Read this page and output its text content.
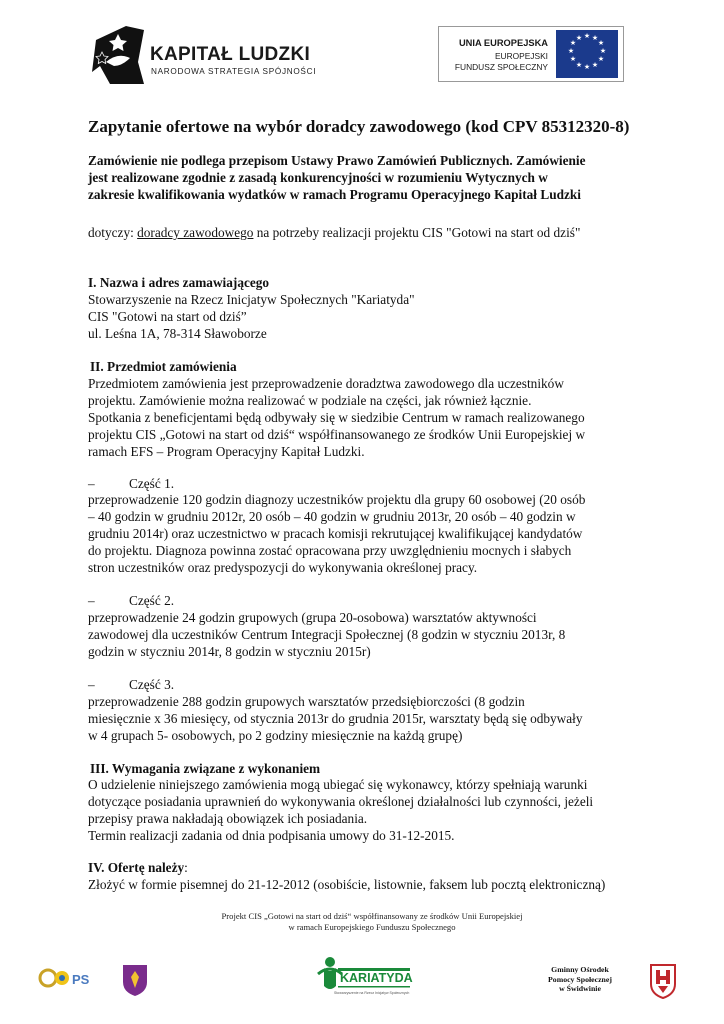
KAPITAŁ LUDZKI
NARODOWA STRATEGIA SPÓJNOŚCI
★ ★
★
★
★
★
★
★
★
★
★
★
UNIA EUROPEJSKA
EUROPEJSKI
FUNDUSZ SPOŁECZNY
Zapytanie ofertowe na wybór doradcy zawodowego (kod CPV 85312320-8)
Zamówienie nie podlega przepisom Ustawy Prawo Zamówień Publicznych. Zamówienie
jest realizowane zgodnie z zasadą konkurencyjności w rozumieniu Wytycznych w
zakresie kwalifikowania wydatków w ramach Programu Operacyjnego Kapitał Ludzki
dotyczy: doradcy zawodowego na potrzeby realizacji projektu CIS "Gotowi na start od dziś"
I. Nazwa i adres zamawiającego
Stowarzyszenie na Rzecz Inicjatyw Społecznych "Kariatyda"
CIS "Gotowi na start od dziś”
ul. Leśna 1A, 78-314 Sławoborze
II. Przedmiot zamówienia
Przedmiotem zamówienia jest przeprowadzenie doradztwa zawodowego dla uczestników
projektu. Zamówienie można realizować w podziale na części, jak również łącznie.
Spotkania z beneficjentami będą odbywały się w siedzibie Centrum w ramach realizowanego
projektu CIS „Gotowi na start od dziś“ współfinansowanego ze środków Unii Europejskiej w
ramach EFS – Program Operacyjny Kapitał Ludzki.
–	Część 1.
przeprowadzenie 120 godzin diagnozy uczestników projektu dla grupy 60 osobowej (20 osób
– 40 godzin w grudniu 2012r, 20 osób – 40 godzin w grudniu 2013r, 20 osób – 40 godzin w
grudniu 2014r) oraz uczestnictwo w pracach komisji rekrutującej kwalifikującej kandydatów
do projektu. Diagnoza powinna zostać opracowana przy uwzględnieniu mocnych i słabych
stron uczestników oraz predyspozycji do wykonywania określonej pracy.
–	Część 2.
przeprowadzenie 24 godzin grupowych (grupa 20-osobowa) warsztatów aktywności
zawodowej dla uczestników Centrum Integracji Społecznej (8 godzin w styczniu 2013r, 8
godzin w styczniu 2014r, 8 godzin w styczniu 2015r)
–	Część 3.
przeprowadzenie 288 godzin grupowych warsztatów przedsiębiorczości (8 godzin
miesięcznie x 36 miesięcy, od stycznia 2013r do grudnia 2015r, warsztaty będą się odbywały
w 4 grupach 5- osobowych, po 2 godziny miesięcznie na każdą grupę)
III. Wymagania związane z wykonaniem
O udzielenie niniejszego zamówienia mogą ubiegać się wykonawcy, którzy spełniają warunki
dotyczące posiadania uprawnień do wykonywania określonej działalności lub czynności, jeżeli
przepisy prawa nakładają obowiązek ich posiadania.
Termin realizacji zadania od dnia podpisania umowy do 31-12-2015.
IV. Ofertę należy:
Złożyć w formie pisemnej do 21-12-2012 (osobiście, listownie, faksem lub pocztą elektroniczną)
Projekt CIS „Gotowi na start od dziś“ współfinansowany ze środków Unii Europejskiej
w ramach Europejskiego Funduszu Społecznego
PS	KARIATYDA
Stowarzyszenie na Rzecz Inicjatyw Społecznych
Gminny Ośrodek
Pomocy Społecznej
w Świdwinie
